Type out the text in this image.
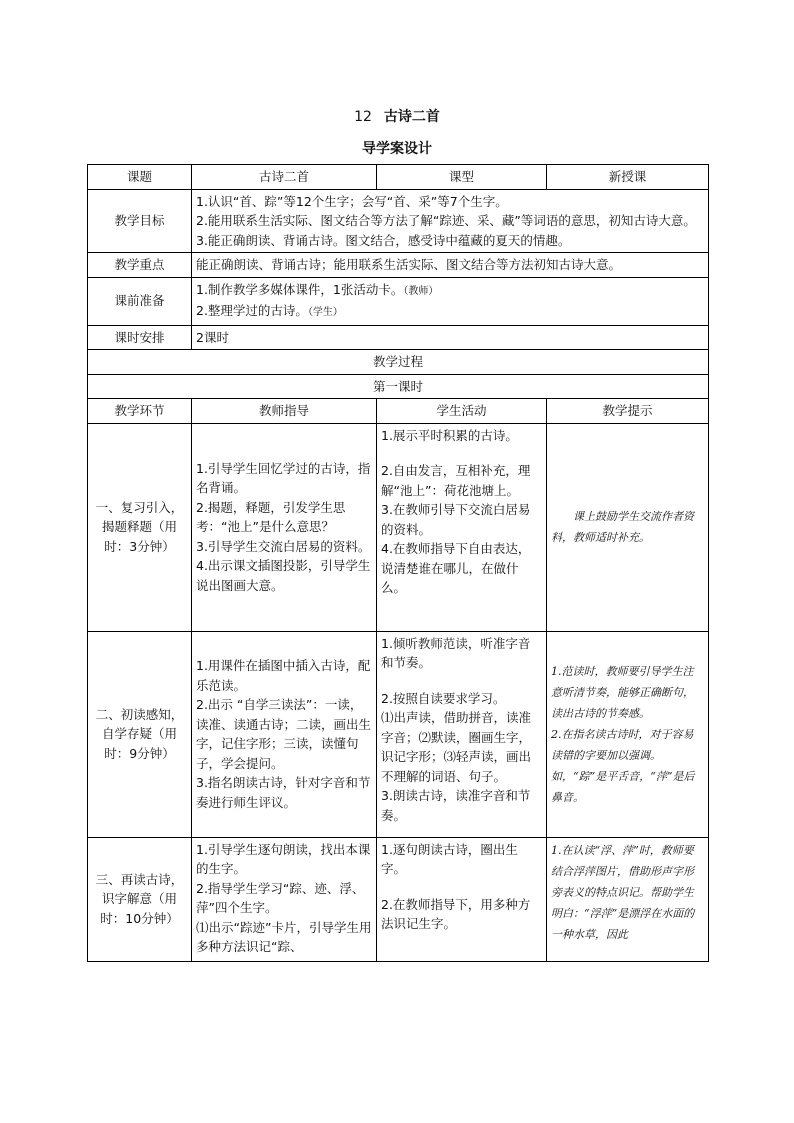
12 古诗二首
导学案设计
课题	古诗二首	课型	新授课
教学目标	1.认识“首、踪”等12个生字；会写“首、采”等7个生字。
2.能用联系生活实际、图文结合等方法了解“踪迹、采、藏”等词语的意思，初知古诗大意。
3.能正确朗读、背诵古诗。图文结合，感受诗中蕴藏的夏天的情趣。		

教学重点	能正确朗读、背诵古诗；能用联系生活实际、图文结合等方法初知古诗大意。		
课前准备	1.制作教学多媒体课件，1张活动卡。（教师）
2.整理学过的古诗。（学生）		

课时安排	2课时		
教学过程			
第一课时			
教学环节	教师指导	学生活动	教学提示

一、复习引入，
揭题释题（用
时：3分钟）	1.引导学生回忆学过的古诗，指名背诵。
2.揭题，释题，引发学生思考：“池上”是什么意思？
3.引导学生交流白居易的资料。
4.出示课文插图投影，引导学生说出图画大意。	1.展示平时积累的古诗。
2.自由发言，互相补充，理解“池上”：荷花池塘上。
3.在教师引导下交流白居易的资料。
4.在教师指导下自由表达，说清楚谁在哪儿，在做什么。	课上鼓励学生交流作者资料，教师适时补充。

二、初读感知，
自学存疑（用
时：9分钟）	1.用课件在插图中插入古诗，配乐范读。
2.出示 “自学三读法”：一读，读准、读通古诗；二读，画出生字，记住字形；三读，读懂句子，学会提问。
3.指名朗读古诗，针对字音和节奏进行师生评议。	1.倾听教师范读，听准字音和节奏。
2.按照自读要求学习。
⑴出声读，借助拼音，读准字音；⑵默读，圈画生字，识记字形；⑶轻声读，画出不理解的词语、句子。
3.朗读古诗，读准字音和节奏。	1.范读时，教师要引导学生注意听清节奏，能够正确断句，读出古诗的节奏感。
2.在指名读古诗时，对于容易读错的字要加以强调。如，“踪”是平舌音，“萍”是后鼻音。

三、再读古诗，
识字解意（用
时：10分钟）	1.引导学生逐句朗读，找出本课的生字。
2.指导学生学习“踪、迹、浮、萍”四个生字。
⑴出示“踪迹”卡片，引导学生用多种方法识记“踪、	1.逐句朗读古诗，圈出生字。
2.在教师指导下，用多种方法识记生字。	1.在认读“浮、萍”时，教师要结合浮萍图片，借助形声字形旁表义的特点识记。帮助学生明白：“浮萍”是漂浮在水面的一种水草，因此
